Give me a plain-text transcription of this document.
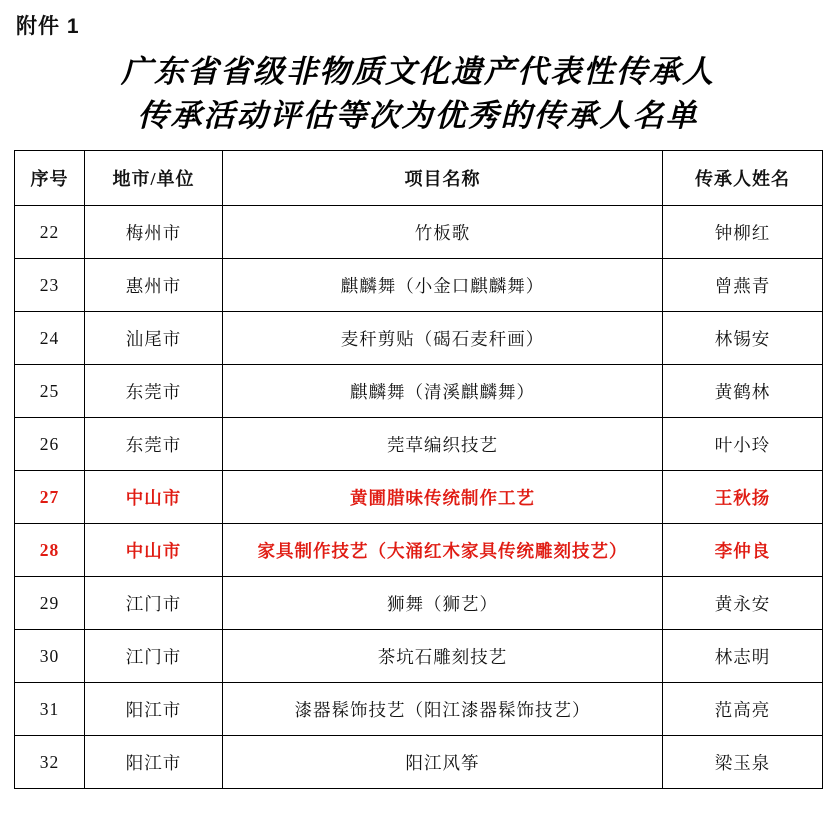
附件 1
广东省省级非物质文化遗产代表性传承人
传承活动评估等次为优秀的传承人名单
序号	地市/单位	项目名称	传承人姓名
22	梅州市	竹板歌	钟柳红
23	惠州市	麒麟舞（小金口麒麟舞）	曾燕青
24	汕尾市	麦秆剪贴（碣石麦秆画）	林锡安
25	东莞市	麒麟舞（清溪麒麟舞）	黄鹤林
26	东莞市	莞草编织技艺	叶小玲
27	中山市	黄圃腊味传统制作工艺	王秋扬
28	中山市	家具制作技艺（大涌红木家具传统雕刻技艺）	李仲良
29	江门市	狮舞（狮艺）	黄永安
30	江门市	茶坑石雕刻技艺	林志明
31	阳江市	漆器髹饰技艺（阳江漆器髹饰技艺）	范高亮
32	阳江市	阳江风筝	梁玉泉
